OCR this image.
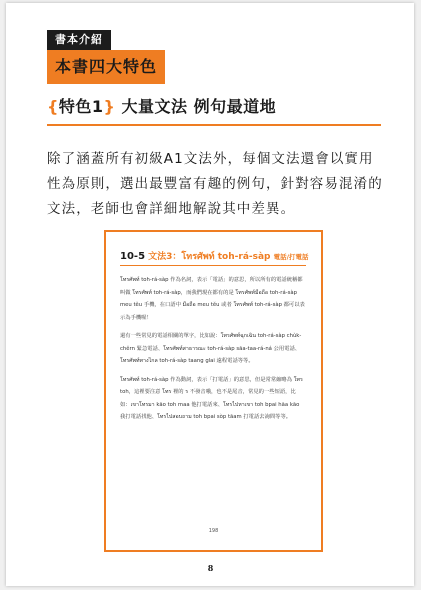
書本介紹
本書四大特色
{特色1} 大量文法 例句最道地
除了涵蓋所有初級A1文法外，每個文法還會以實用性為原則，選出最豐富有趣的例句，針對容易混淆的文法，老師也會詳細地解說其中差異。
10-5 文法3：โทรศัพท์ toh-rá-sàp 電話/打電話

โทรศัพท์ toh-rá-sàp 作為名詞，表示「電話」的意思，所以所有的電話統稱都叫做 โทรศัพท์ toh-rá-sàp，而我們現在都有的是 โทรศัพท์มือถือ toh-rá-sàp meu tĕu 手機，在口語中 มือถือ meu tĕu 或者 โทรศัพท์ toh-rá-sàp 都可以表示為手機喔！

還有一些常見的電話相關的單字，比如說：โทรศัพท์ฉุกเฉิน toh-rá-sàp chùk-chĕrn 緊急電話、โทรศัพท์สาธารณะ toh-rá-sàp săa-taa-rá-ná 公用電話、โทรศัพท์ทางไกล toh-rá-sàp taang glai 遠程電話等等。

โทรศัพท์ toh-rá-sàp 作為動詞，表示「打電話」的意思，但是常常縮略為 โทร toh，這裡要注意 โทร 裡的 ร 不發音哦，也不是尾音，常見的一些短語，比如：เขาโทรมา kăo toh maa 他打電話來、โทรไปหาเขา toh bpai hăa kăo 我打電話找他、โทรไปสอบถาม toh bpai sòp tăam 打電話去詢問等等。

198
8
